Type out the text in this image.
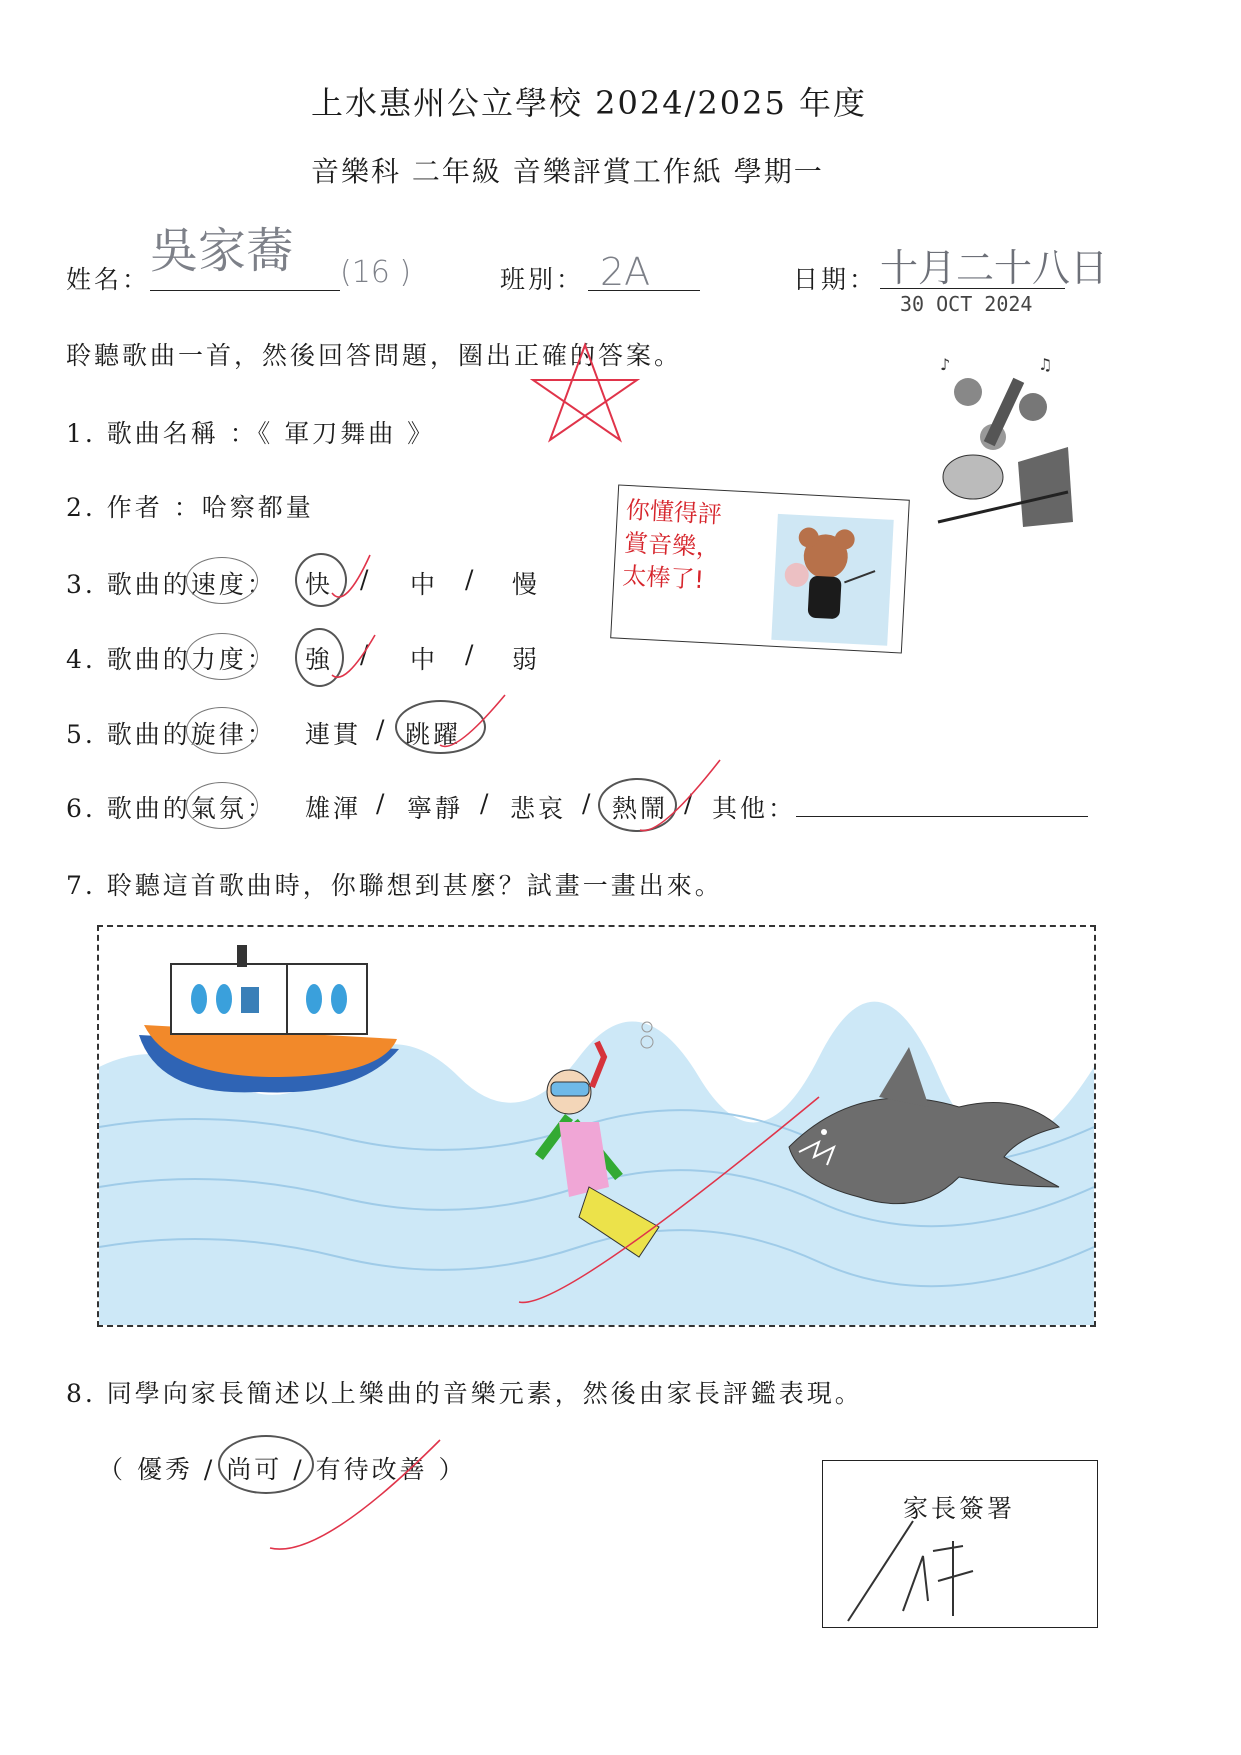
上水惠州公立學校 2024/2025 年度
音樂科 二年級 音樂評賞工作紙 學期一
姓名：
吳家蕎 (16 )	班別： 2A	日期： 十月二十八日
30 OCT 2024
聆聽歌曲一首，然後回答問題，圈出正確的答案。	♪	♫
1. 歌曲名稱 ：《 軍刀舞曲 》
2. 作者 ：哈察都量
3. 歌曲的速度： 快 / 中 / 慢
4. 歌曲的力度： 強 / 中 / 弱
5. 歌曲的旋律： 連貫 / 跳躍
6. 歌曲的氣氛： 雄渾 / 寧靜 / 悲哀 / 熱鬧 / 其他：
你懂得評
賞音樂，
太棒了!
7. 聆聽這首歌曲時，你聯想到甚麼？試畫一畫出來。
8. 同學向家長簡述以上樂曲的音樂元素，然後由家長評鑑表現。
（ 優秀 / 尚可 / 有待改善 ）
家長簽署
